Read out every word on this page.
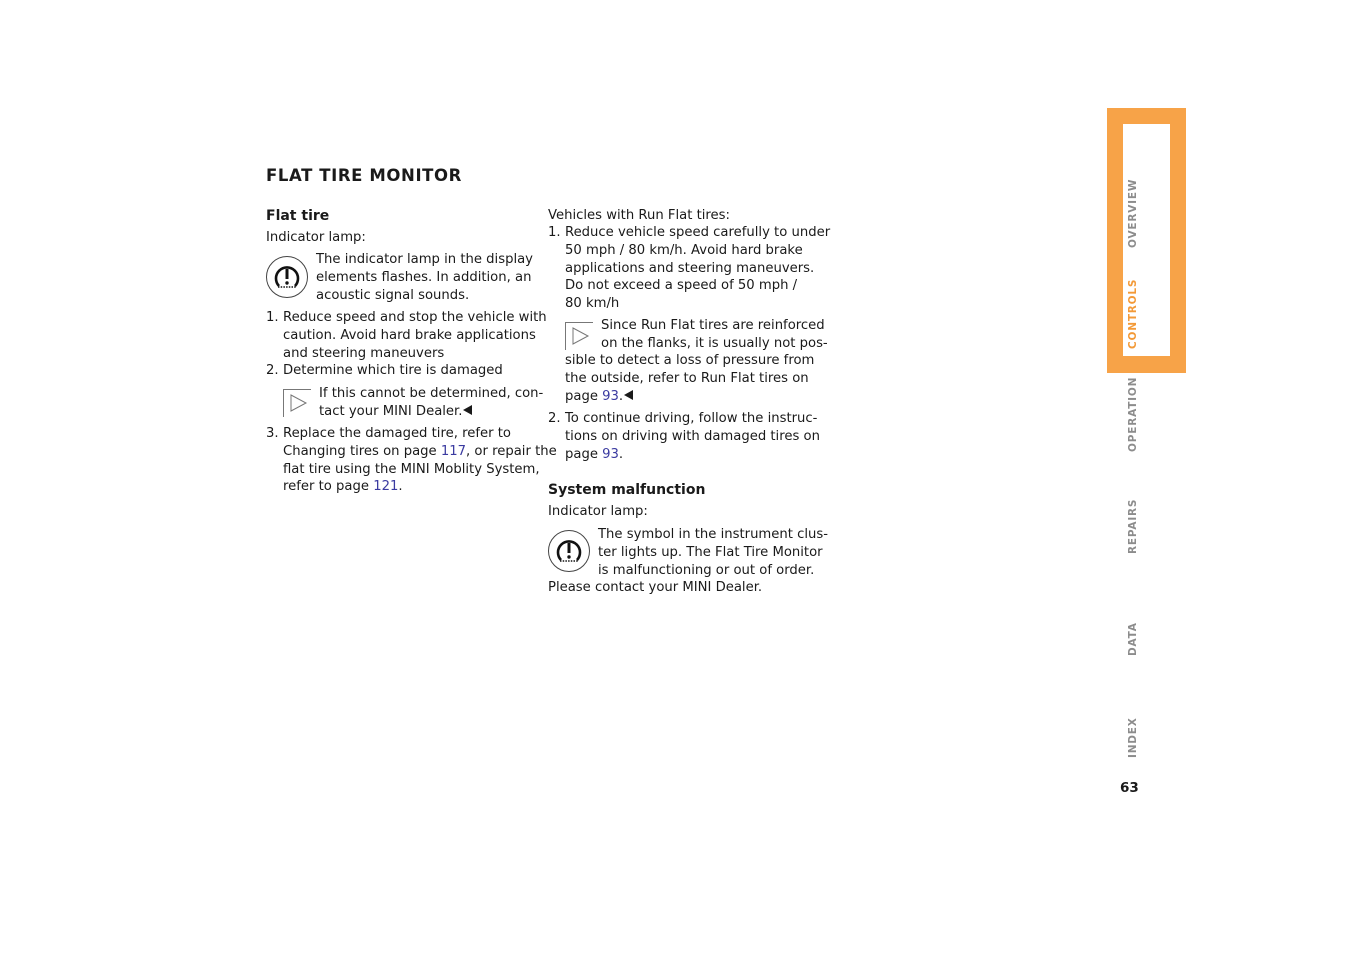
FLAT TIRE MONITOR
Flat tire
Indicator lamp:
The indicator lamp in the display
elements flashes. In addition, an
acoustic signal sounds.
1. Reduce speed and stop the vehicle with
caution. Avoid hard brake applications
and steering maneuvers
2. Determine which tire is damaged
If this cannot be determined, con-
tact your MINI Dealer.
3. Replace the damaged tire, refer to
Changing tires on page 117, or repair the
flat tire using the MINI Moblity System,
refer to page 121.
Vehicles with Run Flat tires:
1. Reduce vehicle speed carefully to under
50 mph / 80 km/h. Avoid hard brake
applications and steering maneuvers.
Do not exceed a speed of 50 mph /
80 km/h
Since Run Flat tires are reinforced
on the flanks, it is usually not pos-
sible to detect a loss of pressure from
the outside, refer to Run Flat tires on
page 93.
2. To continue driving, follow the instruc-
tions on driving with damaged tires on
page 93.
System malfunction
Indicator lamp:
The symbol in the instrument clus-
ter lights up. The Flat Tire Monitor
is malfunctioning or out of order.
Please contact your MINI Dealer.
OVERVIEW
CONTROLS
OPERATION
REPAIRS
DATA
INDEX
63
